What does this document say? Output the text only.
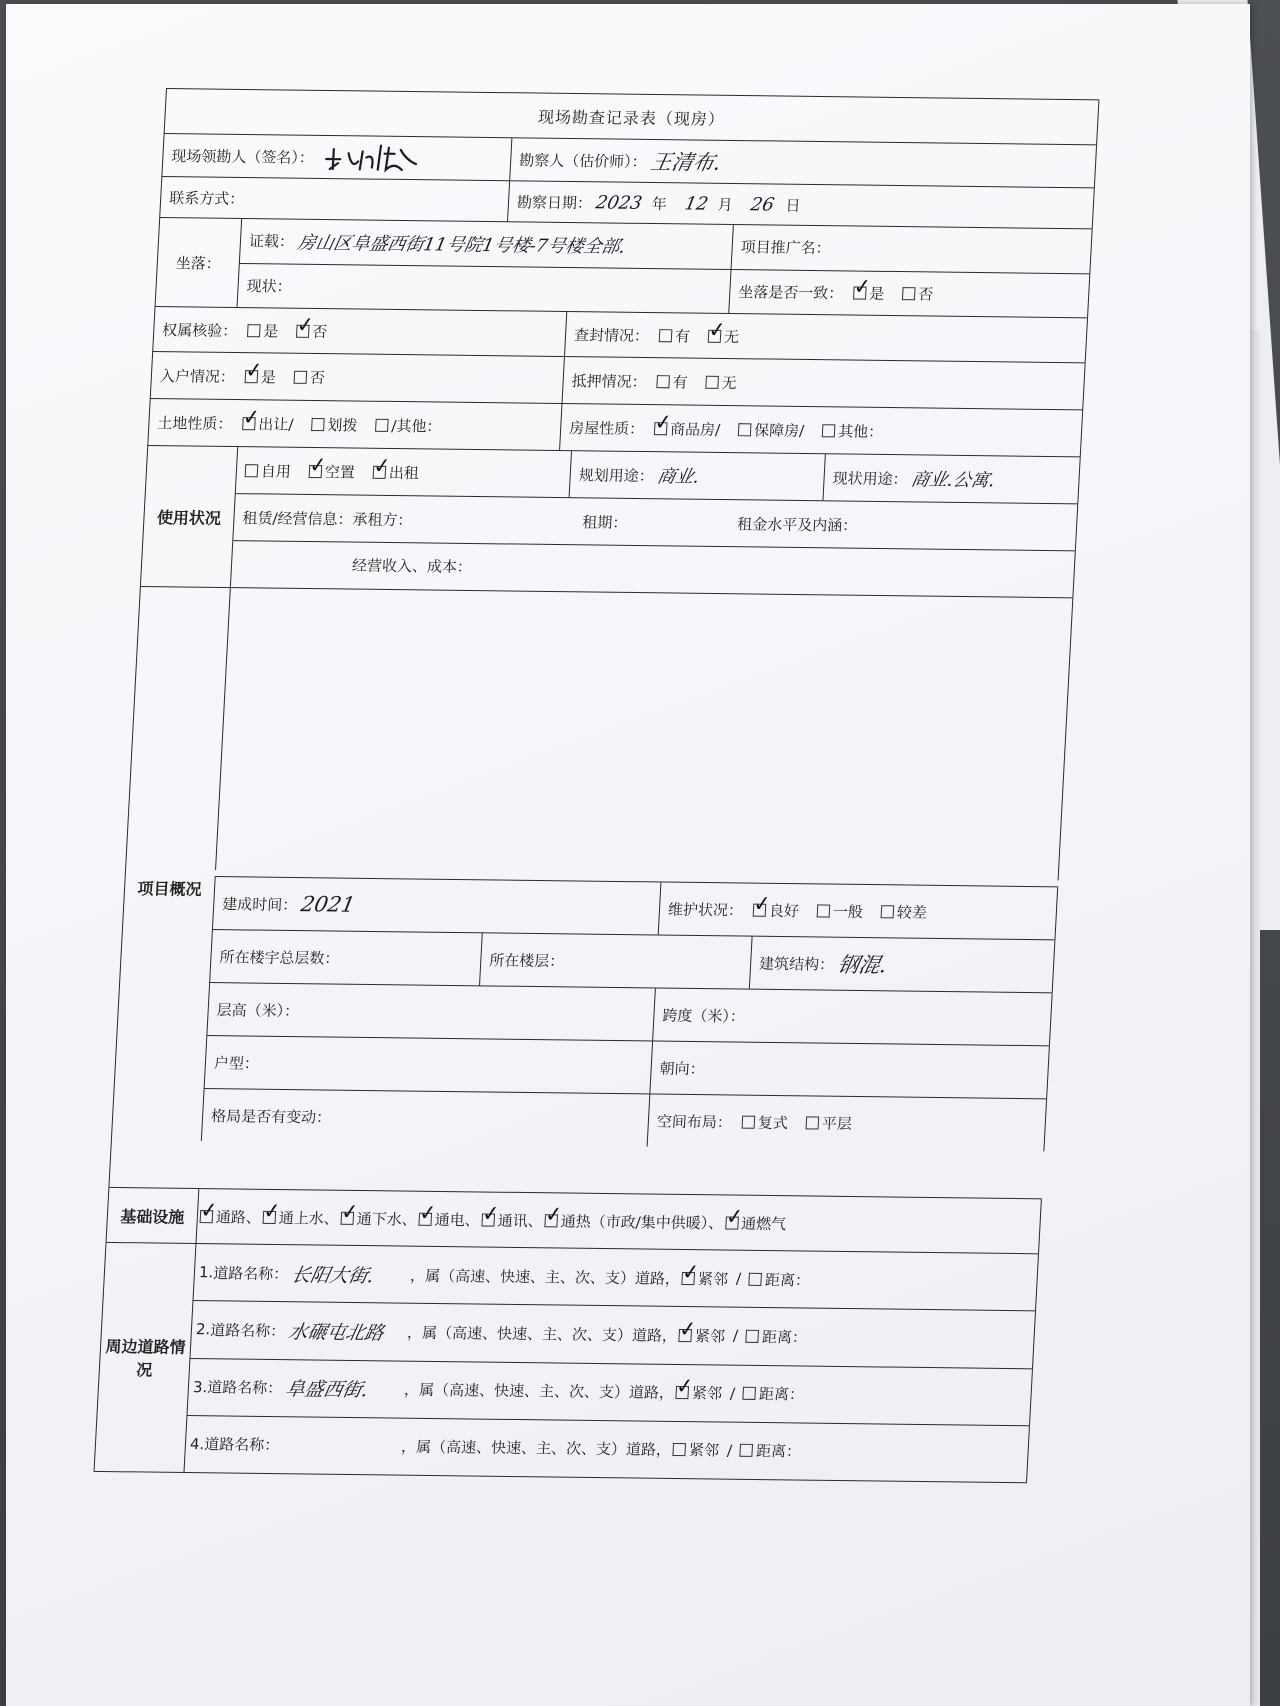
现场勘查记录表（现房）
现场领勘人（签名）：	勘察人（估价师）： 王清布.
联系方式：	勘察日期： 2023 年 12 月 26 日
坐落：
证载： 房山区阜盛西街11号院1号楼-7号楼全部.	项目推广名：
现状：	坐落是否一致： ✓ 是 否
权属核验： 是 ✓ 否	查封情况： 有 ✓ 无
入户情况： ✓ 是 否	抵押情况： 有 无
土地性质： ✓ 出让/ 划拨 /其他：	房屋性质： ✓ 商品房/ 保障房/ 其他：
使用状况
自用 ✓ 空置 ✓ 出租	规划用途： 商业.	现状用途： 商业.公寓.
租赁/经营信息：承租方：	租期：	租金水平及内涵：
经营收入、成本：
项目概况
建成时间： 2021	维护状况： ✓ 良好 一般 较差
所在楼宇总层数：	所在楼层：	建筑结构： 钢混.
层高（米）：	跨度（米）：
户型：	朝向：
格局是否有变动：	空间布局： 复式 平层
基础设施 ✓	通路、 ✓ 通上水、 ✓ 通下水、 ✓ 通电、 ✓ 通讯、 ✓ 通热（市政/集中供暖）、 ✓ 通燃气
周边道路情况
1. 道路名称： 长阳大街.	，属（高速、快速、主、次、支）道路， ✓ 紧邻 / 距离：
2. 道路名称： 水碾屯北路	，属（高速、快速、主、次、支）道路， ✓ 紧邻 / 距离：
3. 道路名称： 阜盛西街.	，属（高速、快速、主、次、支）道路， ✓ 紧邻 / 距离：
4. 道路名称：	，属（高速、快速、主、次、支）道路， 紧邻 / 距离：
